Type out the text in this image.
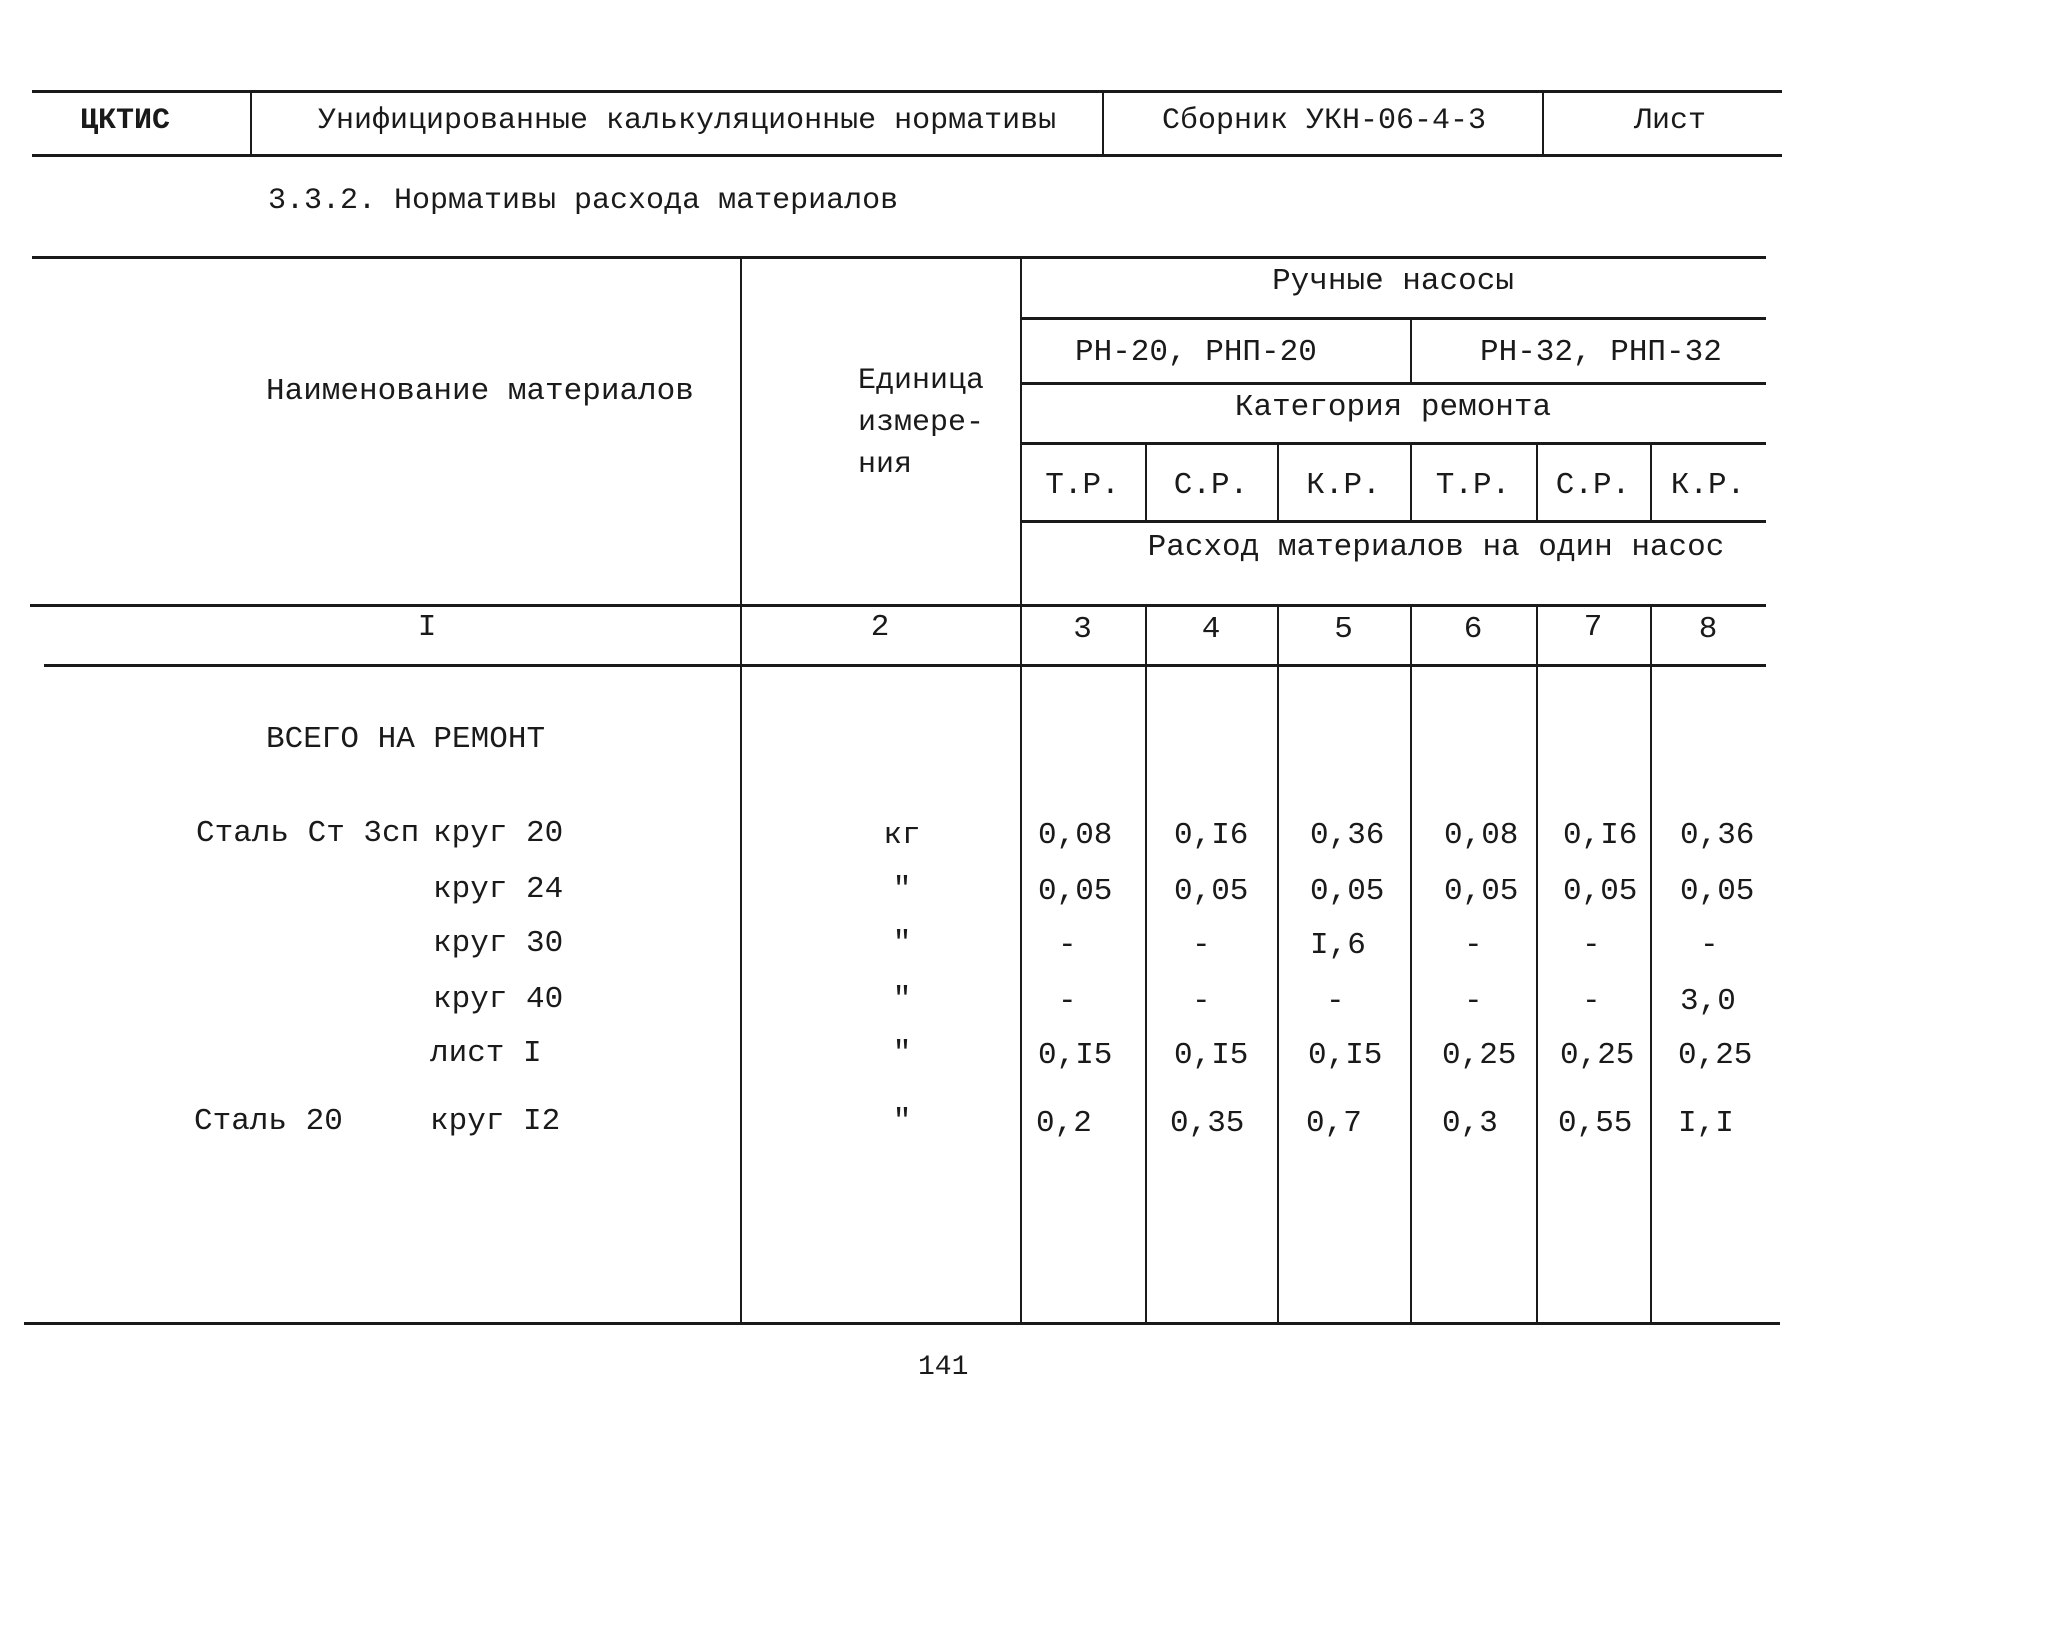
ЦКТИС	Унифицированные калькуляционные нормативы	Сборник УКН-06-4-3	Лист
3.3.2. Нормативы расхода материалов
Наименование материалов	Единица
измере-
ния
Ручные насосы
РН-20, РНП-20	РН-32, РНП-32
Категория ремонта
Т.Р.	С.Р.	К.Р.	Т.Р.	С.Р.	К.Р.
Расход материалов на один насос
I	2	3	4	5	6	7	8
ВСЕГО НА РЕМОНТ
Сталь Ст 3сп круг 20	кг	0,08 0,I6 0,36 0,08 0,I6 0,36
круг 24	"	0,05 0,05 0,05 0,05 0,05 0,05
круг 30	"	-	-	I,6	-	-	-
круг 40	"	-	-	-	-	-	3,0
лист I	"	0,I5 0,I5 0,I5 0,25 0,25 0,25
Сталь 20	круг I2	"	0,2	0,35 0,7	0,3 0,55 I,I
141
